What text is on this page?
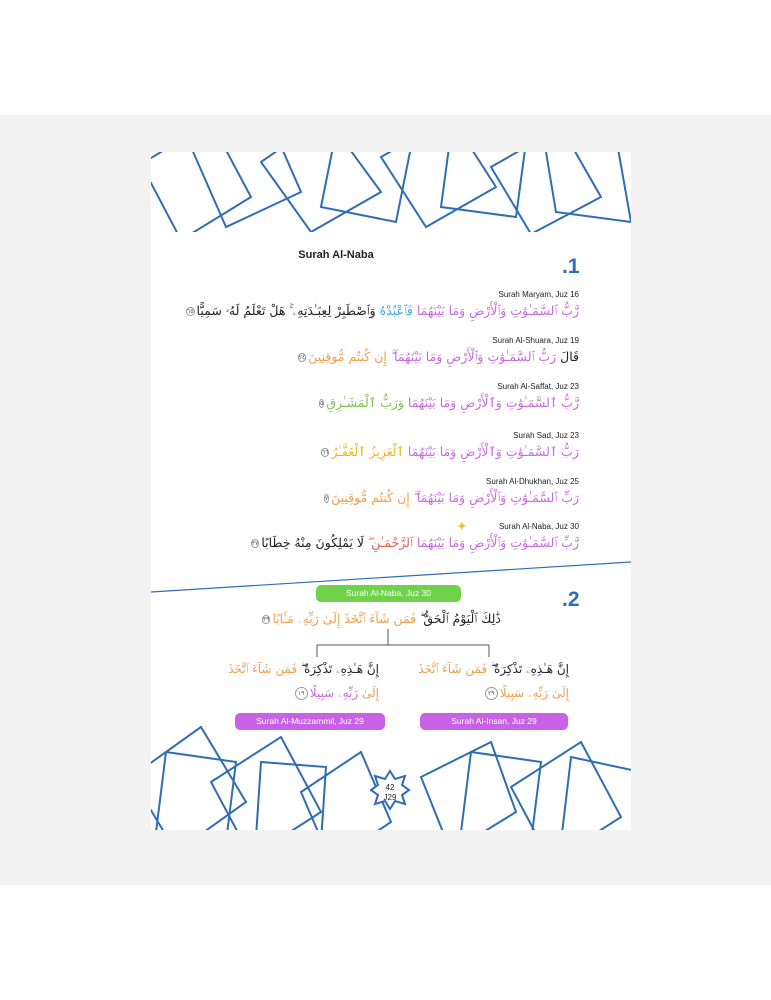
Surah Al-Naba	.1
Surah Maryam, Juz 16
رَّبُّ ٱلسَّمَـٰوَٰتِ وَٱلْأَرْضِ وَمَا بَيْنَهُمَا فَٱعْبُدْهُ وَٱصْطَبِرْ لِعِبَـٰدَتِهِۦ ۚ هَلْ تَعْلَمُ لَهُۥ سَمِيًّا٦٥
Surah Al-Shuara, Juz 19
قَالَ رَبُّ ٱلسَّمَـٰوَٰتِ وَٱلْأَرْضِ وَمَا بَيْنَهُمَآ ۖ إِن كُنتُم مُّوقِنِينَ٢٤
Surah Al-Saffat, Juz 23
رَّبُّ ٱلسَّمَـٰوَٰتِ وَٱلْأَرْضِ وَمَا بَيْنَهُمَا وَرَبُّ ٱلْمَشَـٰرِقِ٥
Surah Sad, Juz 23
رَبُّ ٱلسَّمَـٰوَٰتِ وَٱلْأَرْضِ وَمَا بَيْنَهُمَا ٱلْعَزِيزُ ٱلْغَفَّـٰرُ٦٦
Surah Al-Dhukhan, Juz 25
رَبِّ ٱلسَّمَـٰوَٰتِ وَٱلْأَرْضِ وَمَا بَيْنَهُمَآ ۖ إِن كُنتُم مُّوقِنِينَ٧
Surah Al-Naba, Juz 30
رَّبِّ ٱلسَّمَـٰوَٰتِ وَٱلْأَرْضِ وَمَا بَيْنَهُمَا ٱلرَّحْمَـٰنِ ۖ لَا يَمْلِكُونَ مِنْهُ خِطَابًا٣٧
✦
.2
Surah Al-Naba, Juz 30
ذَٰلِكَ ٱلْيَوْمُ ٱلْحَقُّ ۖ فَمَن شَآءَ ٱتَّخَذَ إِلَىٰ رَبِّهِۦ مَـَٔابًا٣٩
إِنَّ هَـٰذِهِۦ تَذْكِرَةٌ ۖ فَمَن شَآءَ ٱتَّخَذَ إِلَىٰ رَبِّهِۦ سَبِيلًا٢٩
إِنَّ هَـٰذِهِۦ تَذْكِرَةٌ ۖ فَمَن شَآءَ ٱتَّخَذَ إِلَىٰ رَبِّهِۦ سَبِيلًا١٩
Surah Al-Insan, Juz 29
Surah Al-Muzzammil, Juz 29
42
J29
